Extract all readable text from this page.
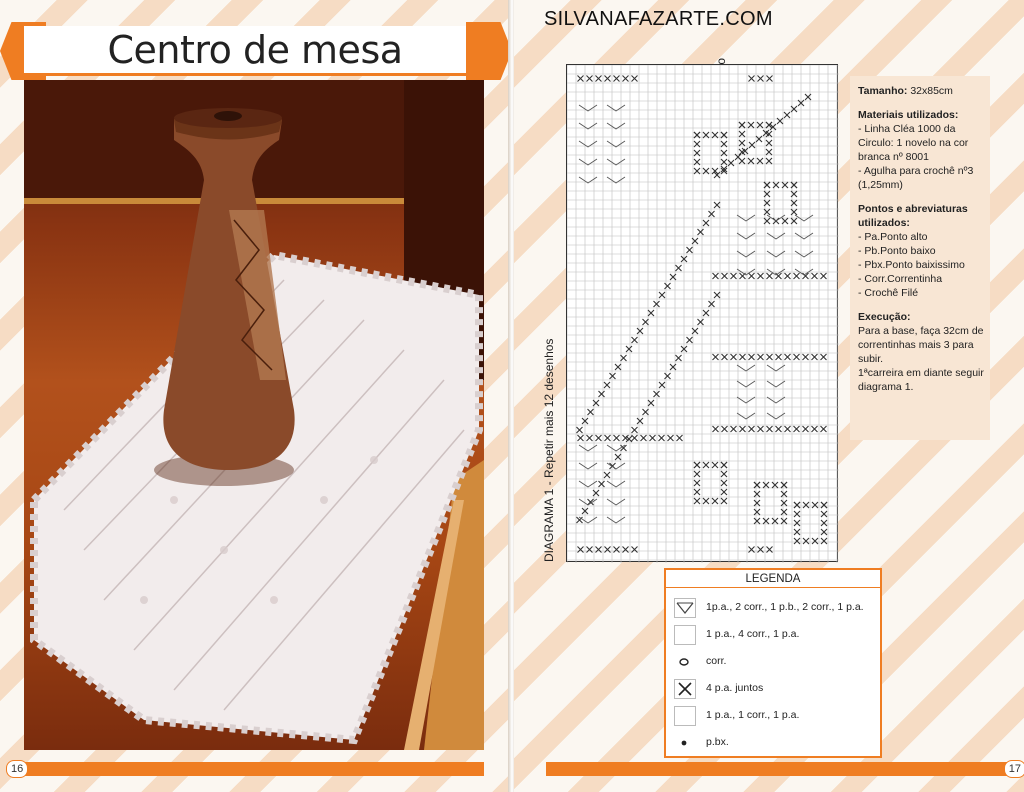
Centro de mesa
16
SILVANAFAZARTE.COM
DIAGRAMA 1 - Repetir mais 12 desenhos
Tamanho: 32x85cm
Materiais utilizados:
- Linha Cléa 1000 da Circulo: 1 novelo na cor branca nº 8001
- Agulha para crochê nº3 (1,25mm)
Pontos e abreviaturas utilizados:
- Pa.Ponto alto
- Pb.Ponto baixo
- Pbx.Ponto baixissimo
- Corr.Correntinha
- Crochê Filé
Execução:
Para a base, faça 32cm de correntinhas mais 3 para subir.
1ªcarreira em diante seguir diagrama 1.
LEGENDA
1p.a., 2 corr., 1 p.b., 2 corr., 1 p.a.
1 p.a., 4 corr., 1 p.a.
corr.
4 p.a. juntos
1 p.a., 1 corr., 1 p.a.
p.bx.
17
